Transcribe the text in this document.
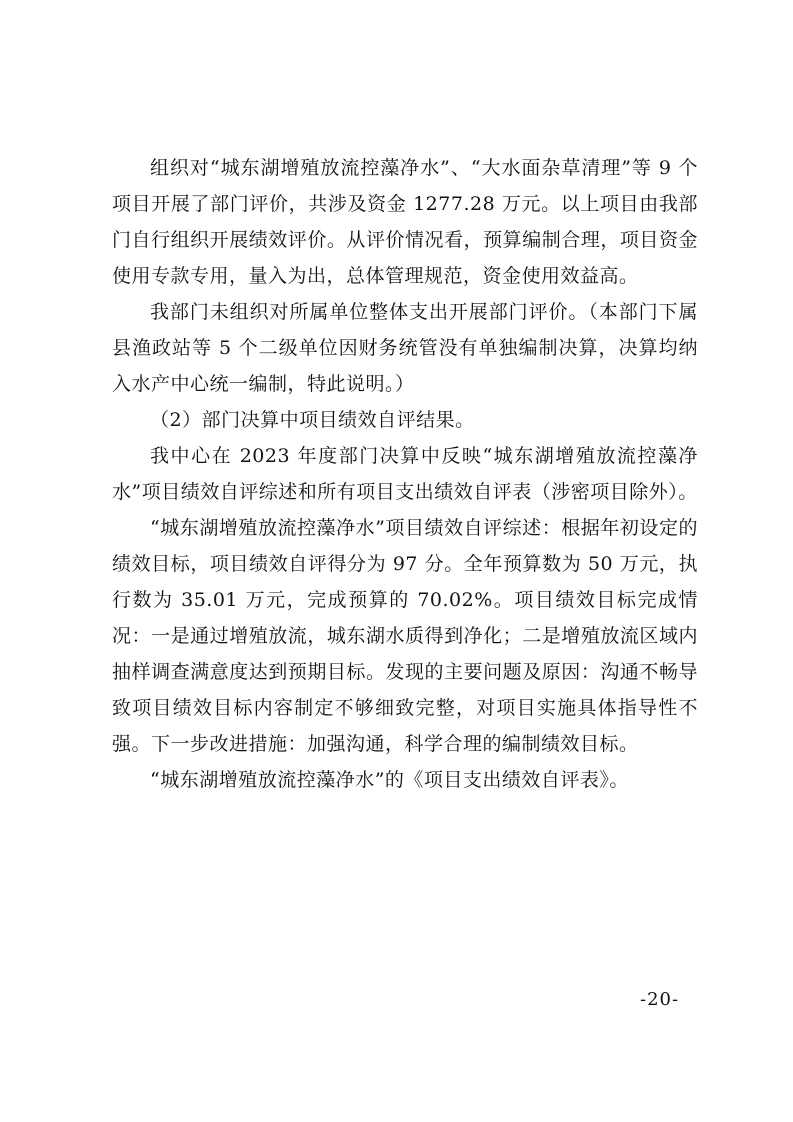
组织对“城东湖增殖放流控藻净水”、“大水面杂草清理”等 9 个项目开展了部门评价，共涉及资金 1277.28 万元。以上项目由我部门自行组织开展绩效评价。从评价情况看，预算编制合理，项目资金使用专款专用，量入为出，总体管理规范，资金使用效益高。

我部门未组织对所属单位整体支出开展部门评价。（本部门下属县渔政站等 5 个二级单位因财务统管没有单独编制决算，决算均纳入水产中心统一编制，特此说明。）

（2）部门决算中项目绩效自评结果。

我中心在 2023 年度部门决算中反映“城东湖增殖放流控藻净水”项目绩效自评综述和所有项目支出绩效自评表（涉密项目除外）。

“城东湖增殖放流控藻净水”项目绩效自评综述：根据年初设定的绩效目标，项目绩效自评得分为 97 分。全年预算数为 50 万元，执行数为 35.01 万元，完成预算的 70.02%。项目绩效目标完成情况：一是通过增殖放流，城东湖水质得到净化；二是增殖放流区域内抽样调查满意度达到预期目标。发现的主要问题及原因：沟通不畅导致项目绩效目标内容制定不够细致完整，对项目实施具体指导性不强。下一步改进措施：加强沟通，科学合理的编制绩效目标。

“城东湖增殖放流控藻净水”的《项目支出绩效自评表》。

-20-
